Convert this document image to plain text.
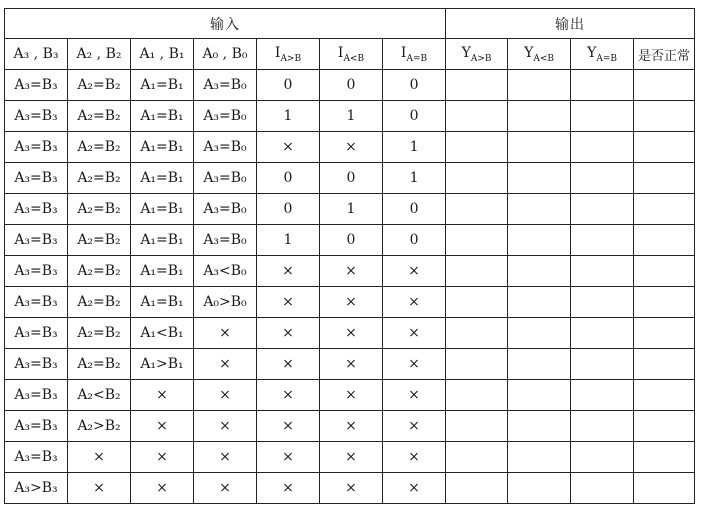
输入							输出			
A₃ , B₃	A₂ , B₂	A₁ , B₁	A₀ , B₀	$I_{A>B}$	$I_{A<B}$	$I_{A=B}$	$Y_{A>B}$	$Y_{A<B}$	$Y_{A=B}$	是否正常
A₃=B₃	A₂=B₂	A₁=B₁	A₃=B₀	0	0	0				
A₃=B₃	A₂=B₂	A₁=B₁	A₃=B₀	1	1	0				
A₃=B₃	A₂=B₂	A₁=B₁	A₃=B₀	×	×	1				
A₃=B₃	A₂=B₂	A₁=B₁	A₃=B₀	0	0	1				
A₃=B₃	A₂=B₂	A₁=B₁	A₃=B₀	0	1	0				
A₃=B₃	A₂=B₂	A₁=B₁	A₃=B₀	1	0	0				
A₃=B₃	A₂=B₂	A₁=B₁	A₃<B₀	×	×	×				
A₃=B₃	A₂=B₂	A₁=B₁	A₀>B₀	×	×	×				
A₃=B₃	A₂=B₂	A₁<B₁	×	×	×	×				
A₃=B₃	A₂=B₂	A₁>B₁	×	×	×	×				
A₃=B₃	A₂<B₂	×	×	×	×	×				
A₃=B₃	A₂>B₂	×	×	×	×	×				
A₃=B₃	×	×	×	×	×	×				
A₃>B₃	×	×	×	×	×	×				
